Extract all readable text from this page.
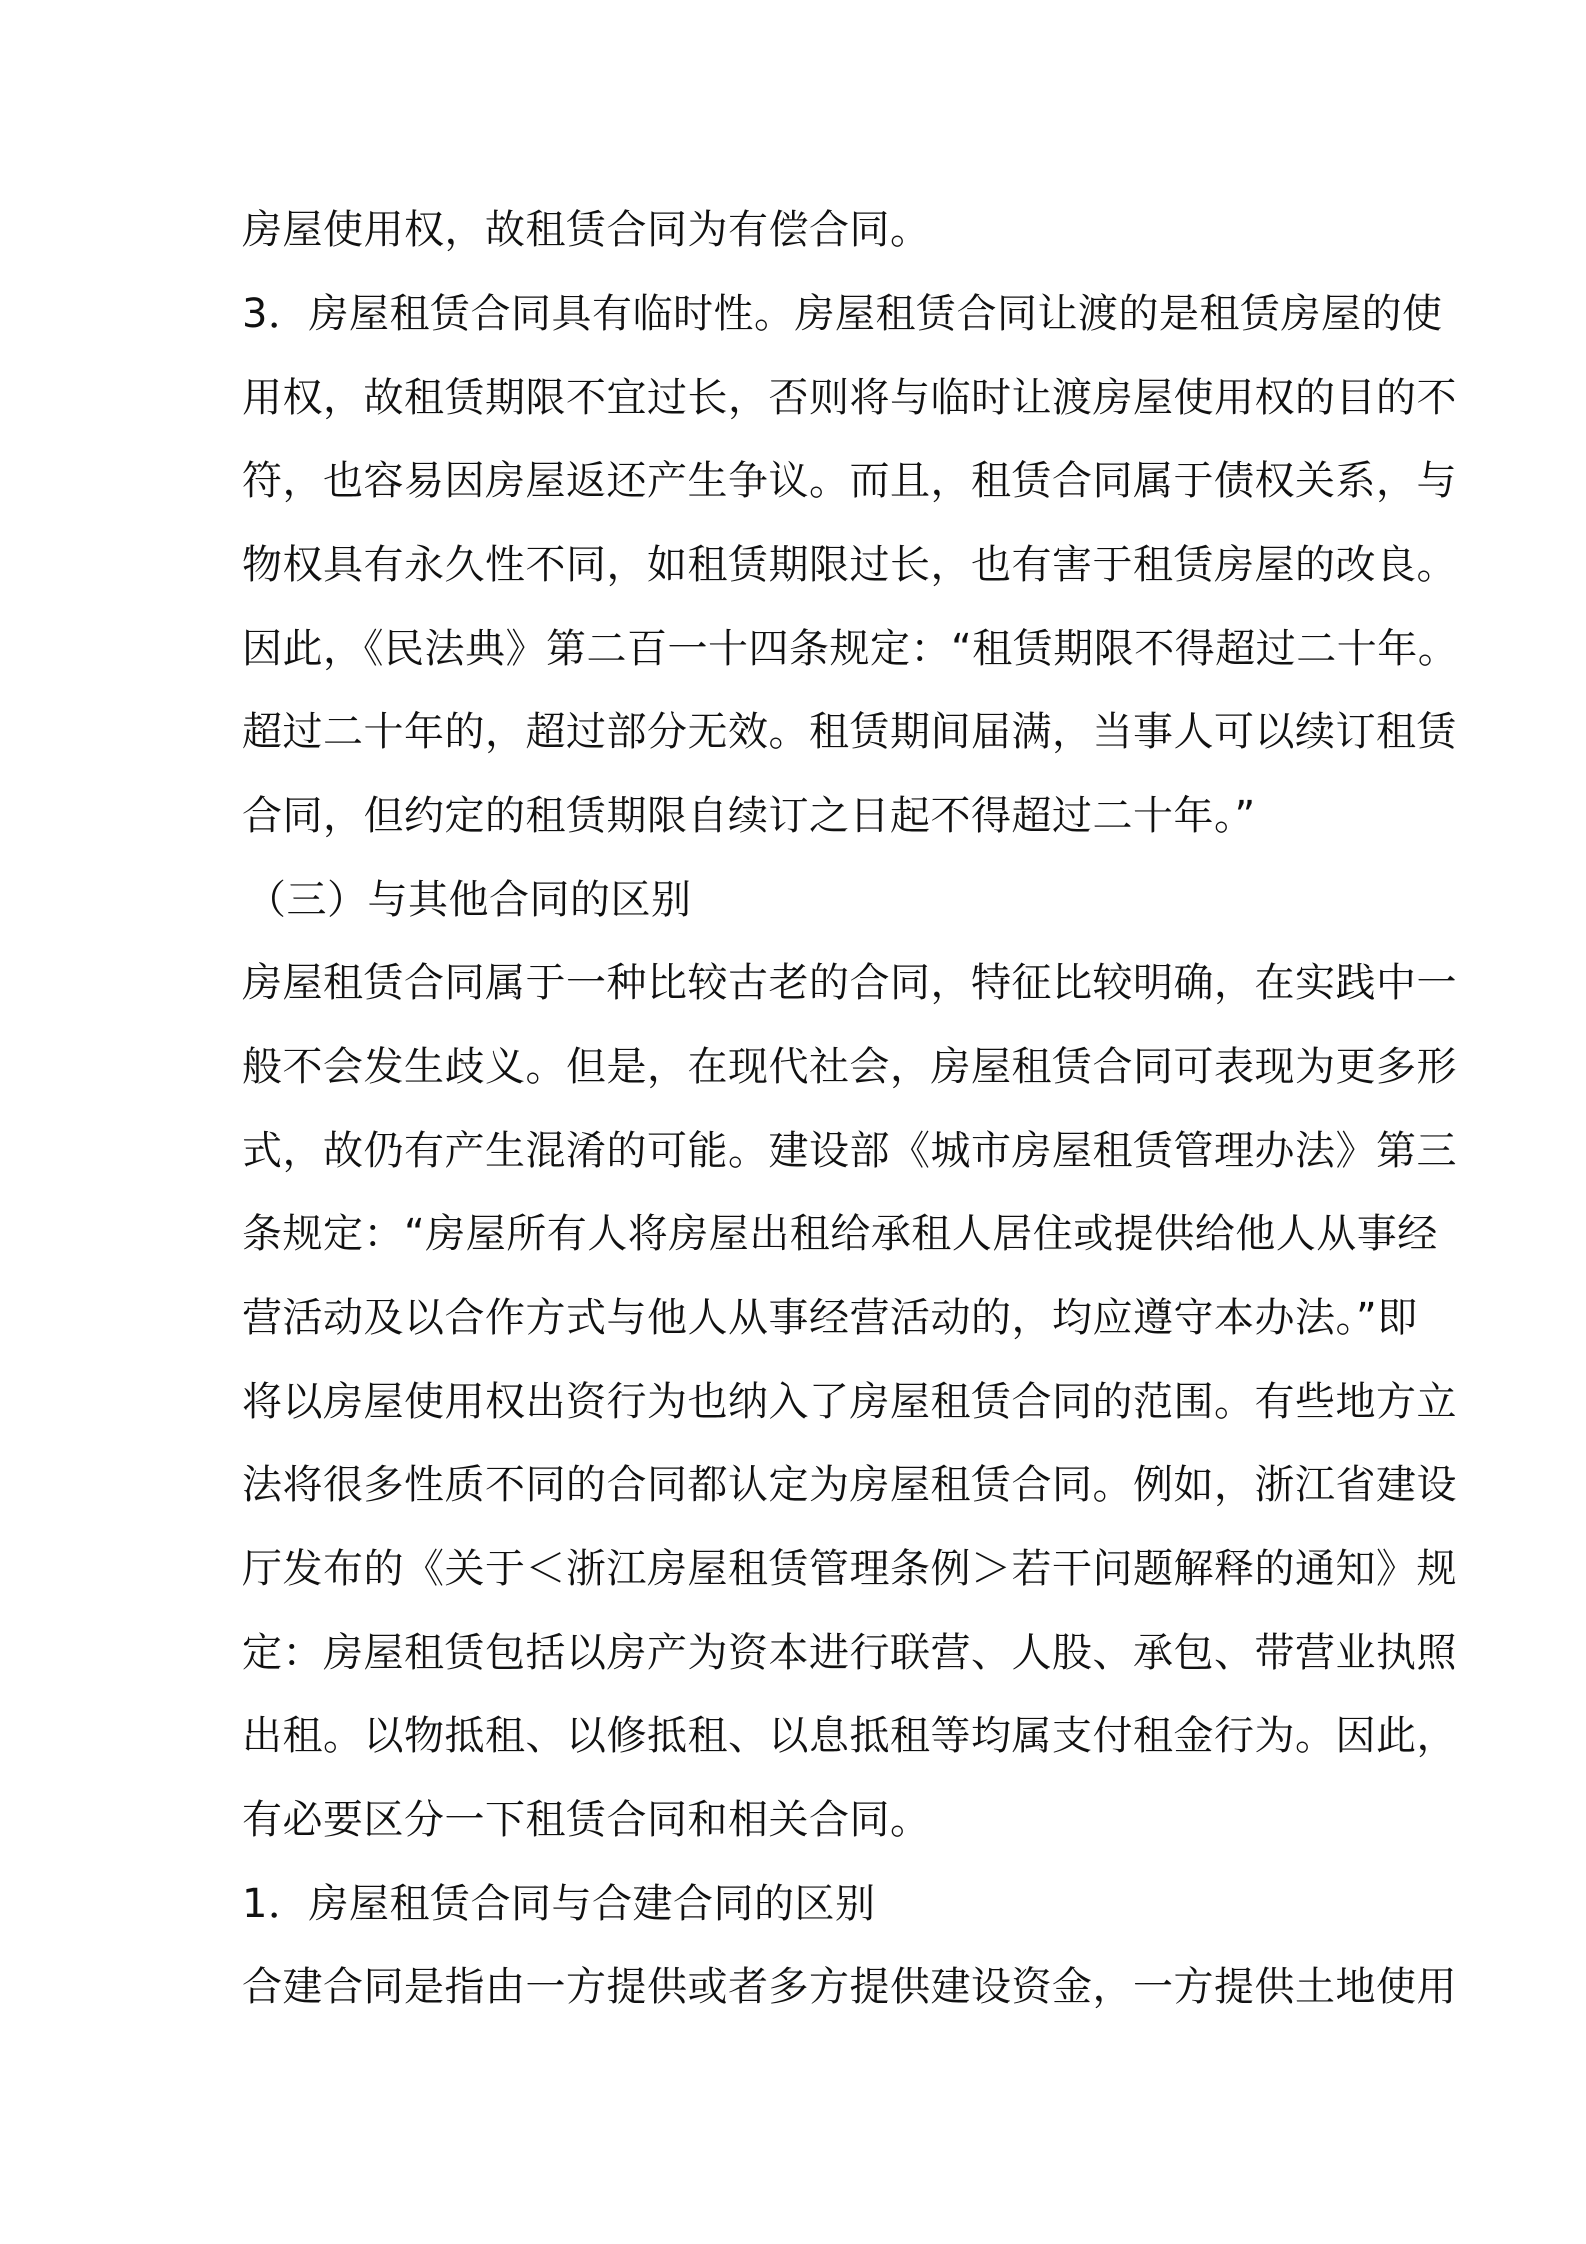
房屋使用权，故租赁合同为有偿合同。
3．房屋租赁合同具有临时性。房屋租赁合同让渡的是租赁房屋的使
用权，故租赁期限不宜过长，否则将与临时让渡房屋使用权的目的不
符，也容易因房屋返还产生争议。而且，租赁合同属于债权关系，与
物权具有永久性不同，如租赁期限过长，也有害于租赁房屋的改良。
因此，《民法典》第二百一十四条规定：“租赁期限不得超过二十年。
超过二十年的，超过部分无效。租赁期间届满，当事人可以续订租赁
合同，但约定的租赁期限自续订之日起不得超过二十年。”
（三）与其他合同的区别
房屋租赁合同属于一种比较古老的合同，特征比较明确，在实践中一
般不会发生歧义。但是，在现代社会，房屋租赁合同可表现为更多形
式，故仍有产生混淆的可能。建设部《城市房屋租赁管理办法》第三
条规定：“房屋所有人将房屋出租给承租人居住或提供给他人从事经
营活动及以合作方式与他人从事经营活动的，均应遵守本办法。”即
将以房屋使用权出资行为也纳入了房屋租赁合同的范围。有些地方立
法将很多性质不同的合同都认定为房屋租赁合同。例如，浙江省建设
厅发布的《关于＜浙江房屋租赁管理条例＞若干问题解释的通知》规
定：房屋租赁包括以房产为资本进行联营、人股、承包、带营业执照
出租。以物抵租、以修抵租、以息抵租等均属支付租金行为。因此，
有必要区分一下租赁合同和相关合同。
1．房屋租赁合同与合建合同的区别
合建合同是指由一方提供或者多方提供建设资金，一方提供土地使用
